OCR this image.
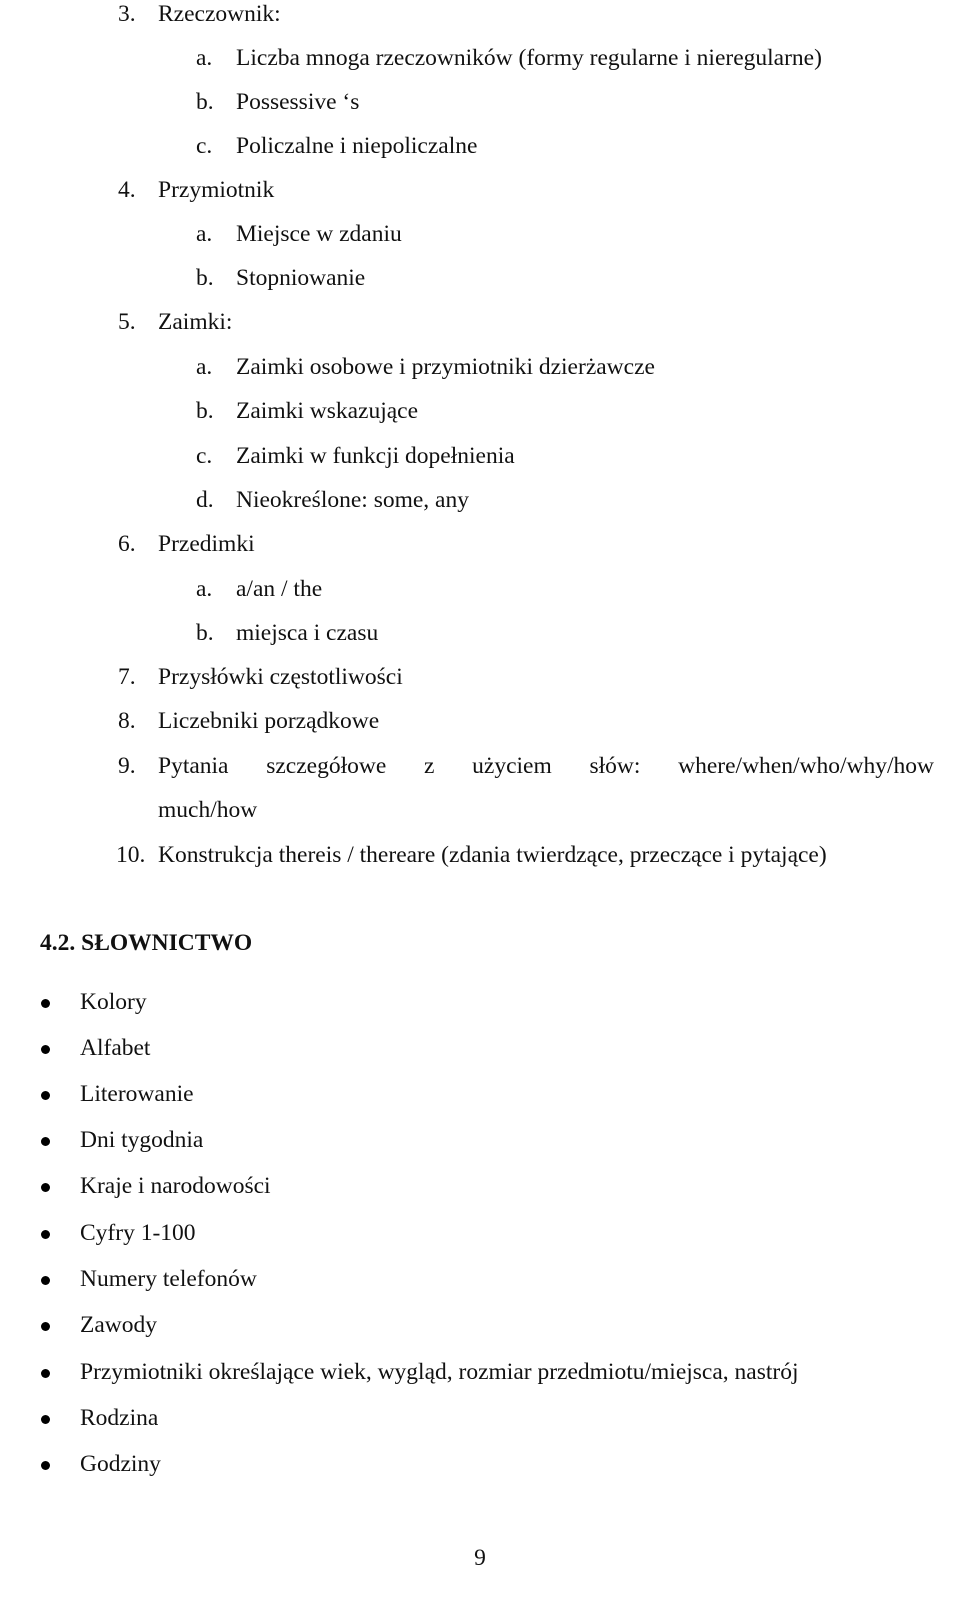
3. Rzeczownik:
a. Liczba mnoga rzeczowników (formy regularne i nieregularne)
b. Possessive ‘s
c. Policzalne i niepoliczalne
4. Przymiotnik
a. Miejsce w zdaniu
b. Stopniowanie
5. Zaimki:
a. Zaimki osobowe i przymiotniki dzierżawcze
b. Zaimki wskazujące
c. Zaimki w funkcji dopełnienia
d. Nieokreślone: some, any
6. Przedimki
a. a/an / the
b. miejsca i czasu
7. Przysłówki częstotliwości
8. Liczebniki porządkowe
9. Pytania szczegółowe z użyciem słów: where/when/who/why/how
much/how
10. Konstrukcja thereis / thereare (zdania twierdzące, przeczące i pytające)
4.2. SŁOWNICTWO
Kolory
Alfabet
Literowanie
Dni tygodnia
Kraje i narodowości
Cyfry 1-100
Numery telefonów
Zawody
Przymiotniki określające wiek, wygląd, rozmiar przedmiotu/miejsca, nastrój
Rodzina
Godziny
9
